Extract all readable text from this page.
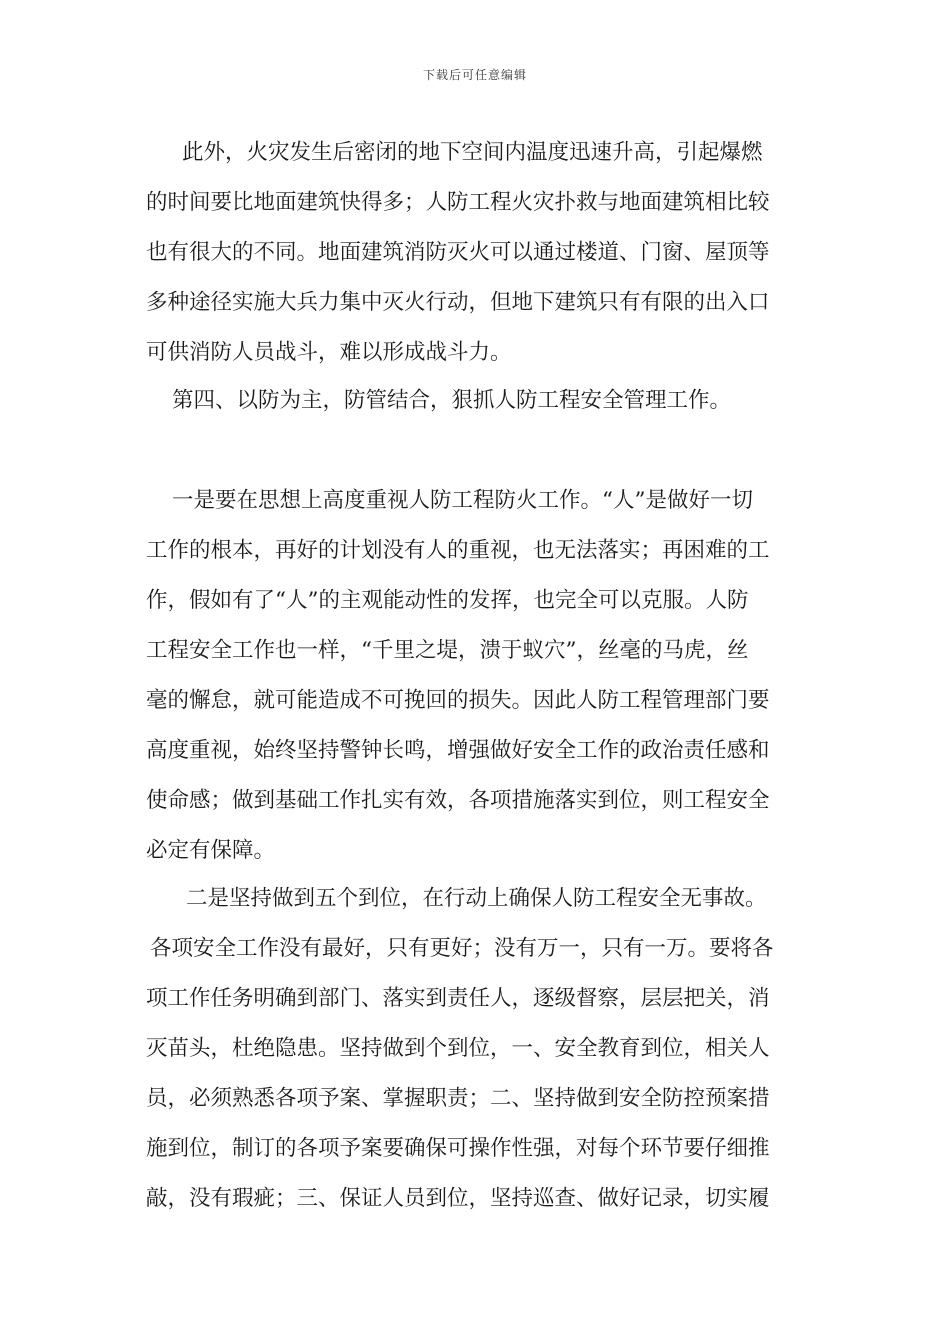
下载后可任意编辑
此外，火灾发生后密闭的地下空间内温度迅速升高，引起爆燃
的时间要比地面建筑快得多；人防工程火灾扑救与地面建筑相比较
也有很大的不同。地面建筑消防灭火可以通过楼道、门窗、屋顶等
多种途径实施大兵力集中灭火行动，但地下建筑只有有限的出入口
可供消防人员战斗，难以形成战斗力。
第四、以防为主，防管结合，狠抓人防工程安全管理工作。
一是要在思想上高度重视人防工程防火工作。“人”是做好一切
工作的根本，再好的计划没有人的重视，也无法落实；再困难的工
作，假如有了“人”的主观能动性的发挥，也完全可以克服。人防
工程安全工作也一样，“千里之堤，溃于蚁穴”，丝毫的马虎，丝
毫的懈怠，就可能造成不可挽回的损失。因此人防工程管理部门要
高度重视，始终坚持警钟长鸣，增强做好安全工作的政治责任感和
使命感；做到基础工作扎实有效，各项措施落实到位，则工程安全
必定有保障。
二是坚持做到五个到位，在行动上确保人防工程安全无事故。
各项安全工作没有最好，只有更好；没有万一，只有一万。要将各
项工作任务明确到部门、落实到责任人，逐级督察，层层把关，消
灭苗头，杜绝隐患。坚持做到个到位，一、安全教育到位，相关人
员，必须熟悉各项予案、掌握职责；二、坚持做到安全防控预案措
施到位，制订的各项予案要确保可操作性强，对每个环节要仔细推
敲，没有瑕疵；三、保证人员到位，坚持巡查、做好记录，切实履
